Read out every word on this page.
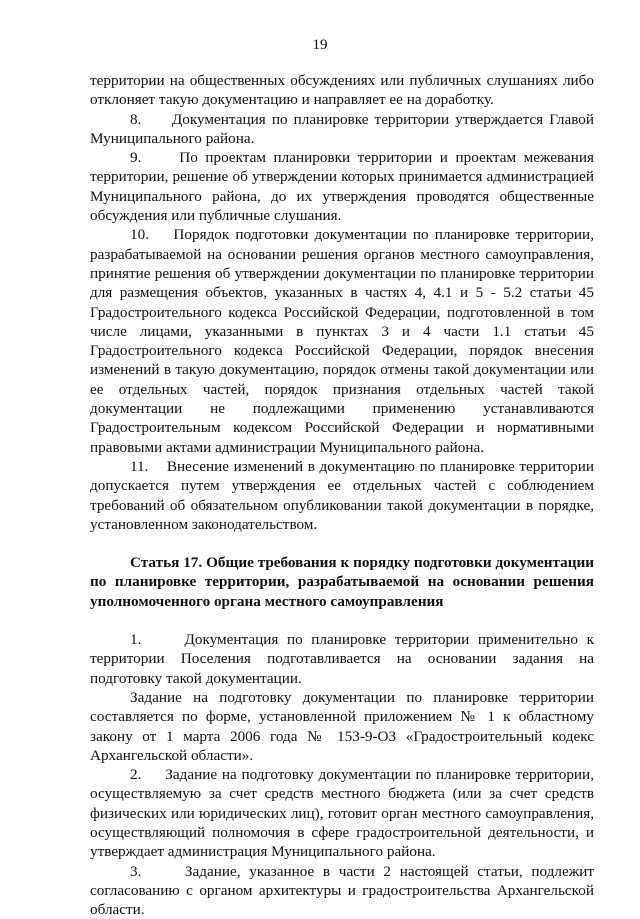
19

территории на общественных обсуждениях или публичных слушаниях либо отклоняет такую документацию и направляет ее на доработку.

8.     Документация по планировке территории утверждается Главой Муниципального района.

9.     По проектам планировки территории и проектам межевания территории, решение об утверждении которых принимается администрацией Муниципального района, до их утверждения проводятся общественные обсуждения или публичные слушания.

10.    Порядок подготовки документации по планировке территории, разрабатываемой на основании решения органов местного самоуправления, принятие решения об утверждении документации по планировке территории для размещения объектов, указанных в частях 4, 4.1 и 5 - 5.2 статьи 45 Градостроительного кодекса Российской Федерации, подготовленной в том числе лицами, указанными в пунктах 3 и 4 части 1.1 статьи 45 Градостроительного кодекса Российской Федерации, порядок внесения изменений в такую документацию, порядок отмены такой документации или ее отдельных частей, порядок признания отдельных частей такой документации не подлежащими применению устанавливаются Градостроительным кодексом Российской Федерации и нормативными правовыми актами администрации Муниципального района.

11.    Внесение изменений в документацию по планировке территории допускается путем утверждения ее отдельных частей с соблюдением требований об обязательном опубликовании такой документации в порядке, установленном законодательством.

Статья 17. Общие требования к порядку подготовки документации по планировке территории, разрабатываемой на основании решения уполномоченного органа местного самоуправления

1.     Документация по планировке территории применительно к территории Поселения подготавливается на основании задания на подготовку такой документации.

Задание на подготовку документации по планировке территории составляется по форме, установленной приложением № 1 к областному закону от 1 марта 2006 года № 153-9-ОЗ «Градостроительный кодекс Архангельской области».

2.     Задание на подготовку документации по планировке территории, осуществляемую за счет средств местного бюджета (или за счет средств физических или юридических лиц), готовит орган местного самоуправления, осуществляющий полномочия в сфере градостроительной деятельности, и утверждает администрация Муниципального района.

3.     Задание, указанное в части 2 настоящей статьи, подлежит согласованию с органом архитектуры и градостроительства Архангельской области.
